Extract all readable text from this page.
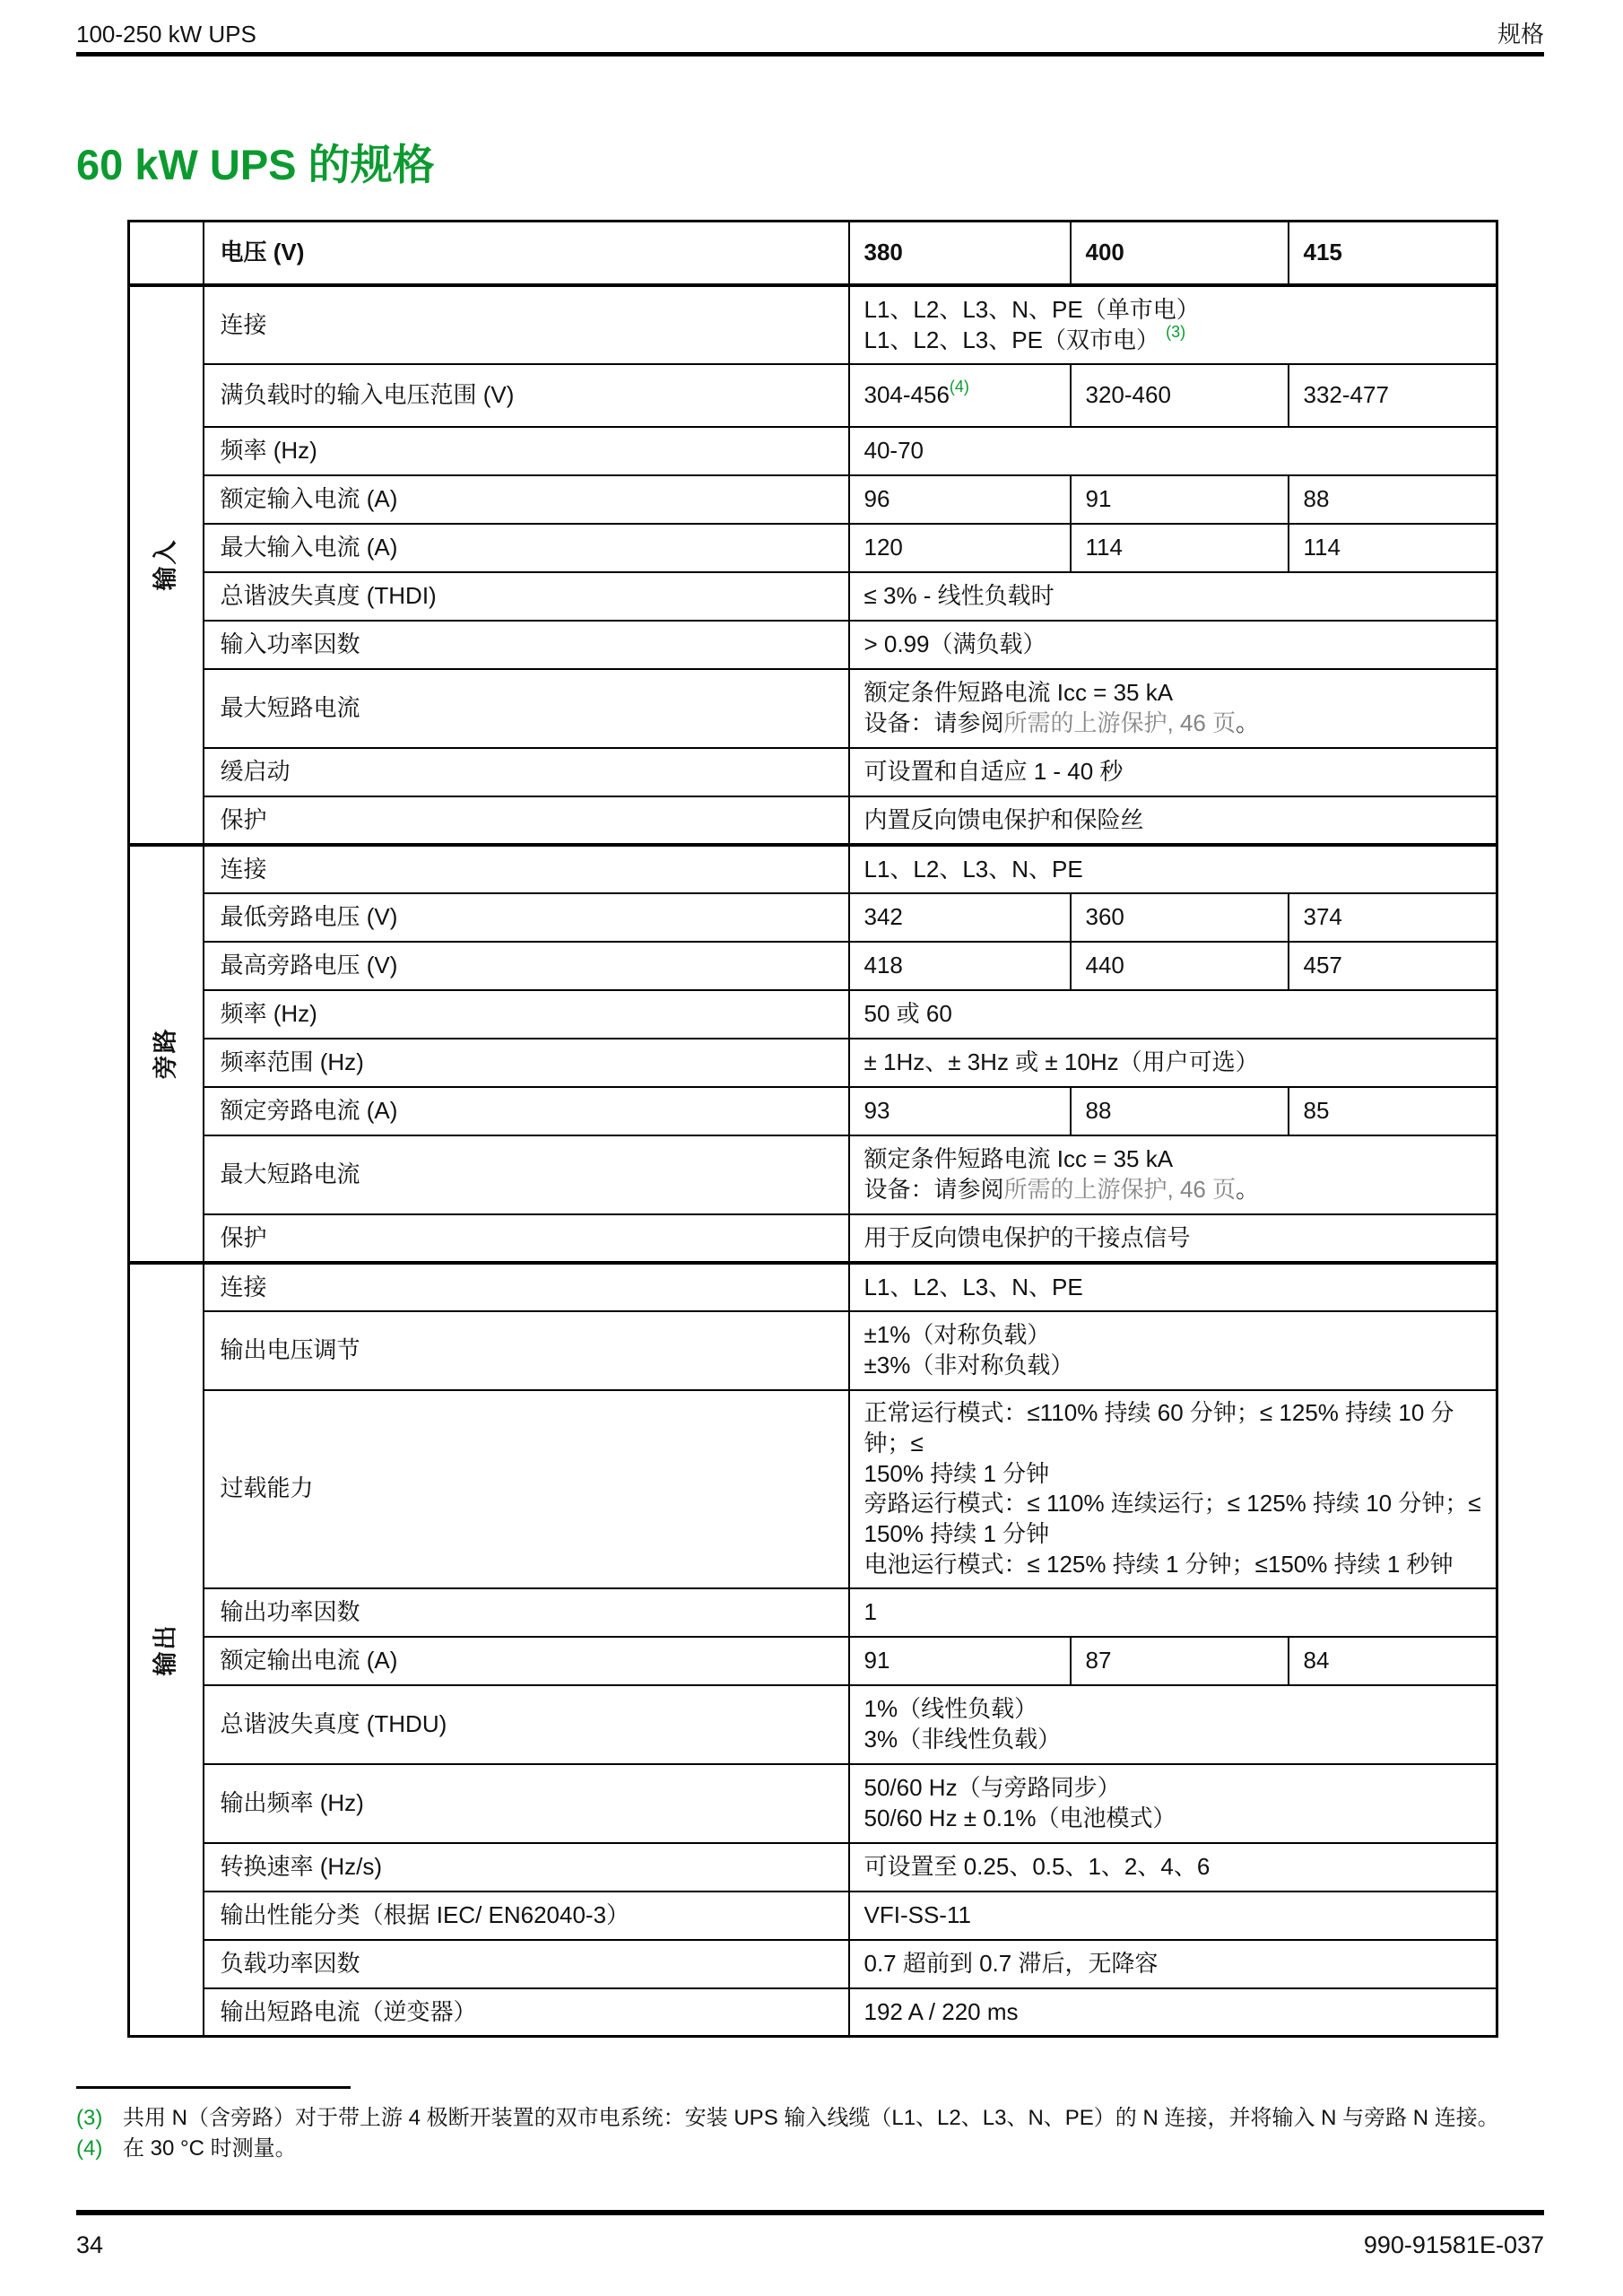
100-250 kW UPS	规格
60 kW UPS 的规格
	电压 (V)	380	400	415
输入	连接	L1、L2、L3、N、PE（单市电）
L1、L2、L3、PE（双市电） $^{(3)}$

	满负载时的输入电压范围 (V)	304-456$^{(4)}$	320-460	332-477
	频率 (Hz)	40-70		

	额定输入电流 (A)	96	91	88
	最大输入电流 (A)	120	114	114
	总谐波失真度 (THDI)	≤ 3% - 线性负载时		

	输入功率因数	> 0.99（满负载）		

	最大短路电流	额定条件短路电流 Icc = 35 kA
设备：请参阅所需的上游保护, 46 页。		

	缓启动	可设置和自适应 1 - 40 秒		

	保护	内置反向馈电保护和保险丝		

旁路	连接	L1、L2、L3、N、PE		

	最低旁路电压 (V)	342	360	374
	最高旁路电压 (V)	418	440	457
	频率 (Hz)	50 或 60		

	频率范围 (Hz)	± 1Hz、± 3Hz 或 ± 10Hz（用户可选）		

	额定旁路电流 (A)	93	88	85
	最大短路电流	额定条件短路电流 Icc = 35 kA
设备：请参阅所需的上游保护, 46 页。		

	保护	用于反向馈电保护的干接点信号		

输出	连接	L1、L2、L3、N、PE		

	输出电压调节	±1%（对称负载）
±3%（非对称负载）		

	过载能力	正常运行模式：≤110% 持续 60 分钟；≤ 125% 持续 10 分钟；≤
150% 持续 1 分钟
旁路运行模式：≤ 110% 连续运行；≤ 125% 持续 10 分钟；≤
150% 持续 1 分钟
电池运行模式：≤ 125% 持续 1 分钟；≤150% 持续 1 秒钟		

	输出功率因数	1		

	额定输出电流 (A)	91	87	84
	总谐波失真度 (THDU)	1%（线性负载）
3%（非线性负载）		

	输出频率 (Hz)	50/60 Hz（与旁路同步）
50/60 Hz ± 0.1%（电池模式）		

	转换速率 (Hz/s)	可设置至 0.25、0.5、1、2、4、6		

	输出性能分类（根据 IEC/ EN62040-3）	VFI-SS-11		

	负载功率因数	0.7 超前到 0.7 滞后，无降容		

	输出短路电流（逆变器）	192 A / 220 ms		
(3) 共用 N（含旁路）对于带上游 4 极断开装置的双市电系统：安装 UPS 输入线缆（L1、L2、L3、N、PE）的 N 连接，并将输入 N 与旁路 N 连接。
(4) 在 30 °C 时测量。
34	990-91581E-037
